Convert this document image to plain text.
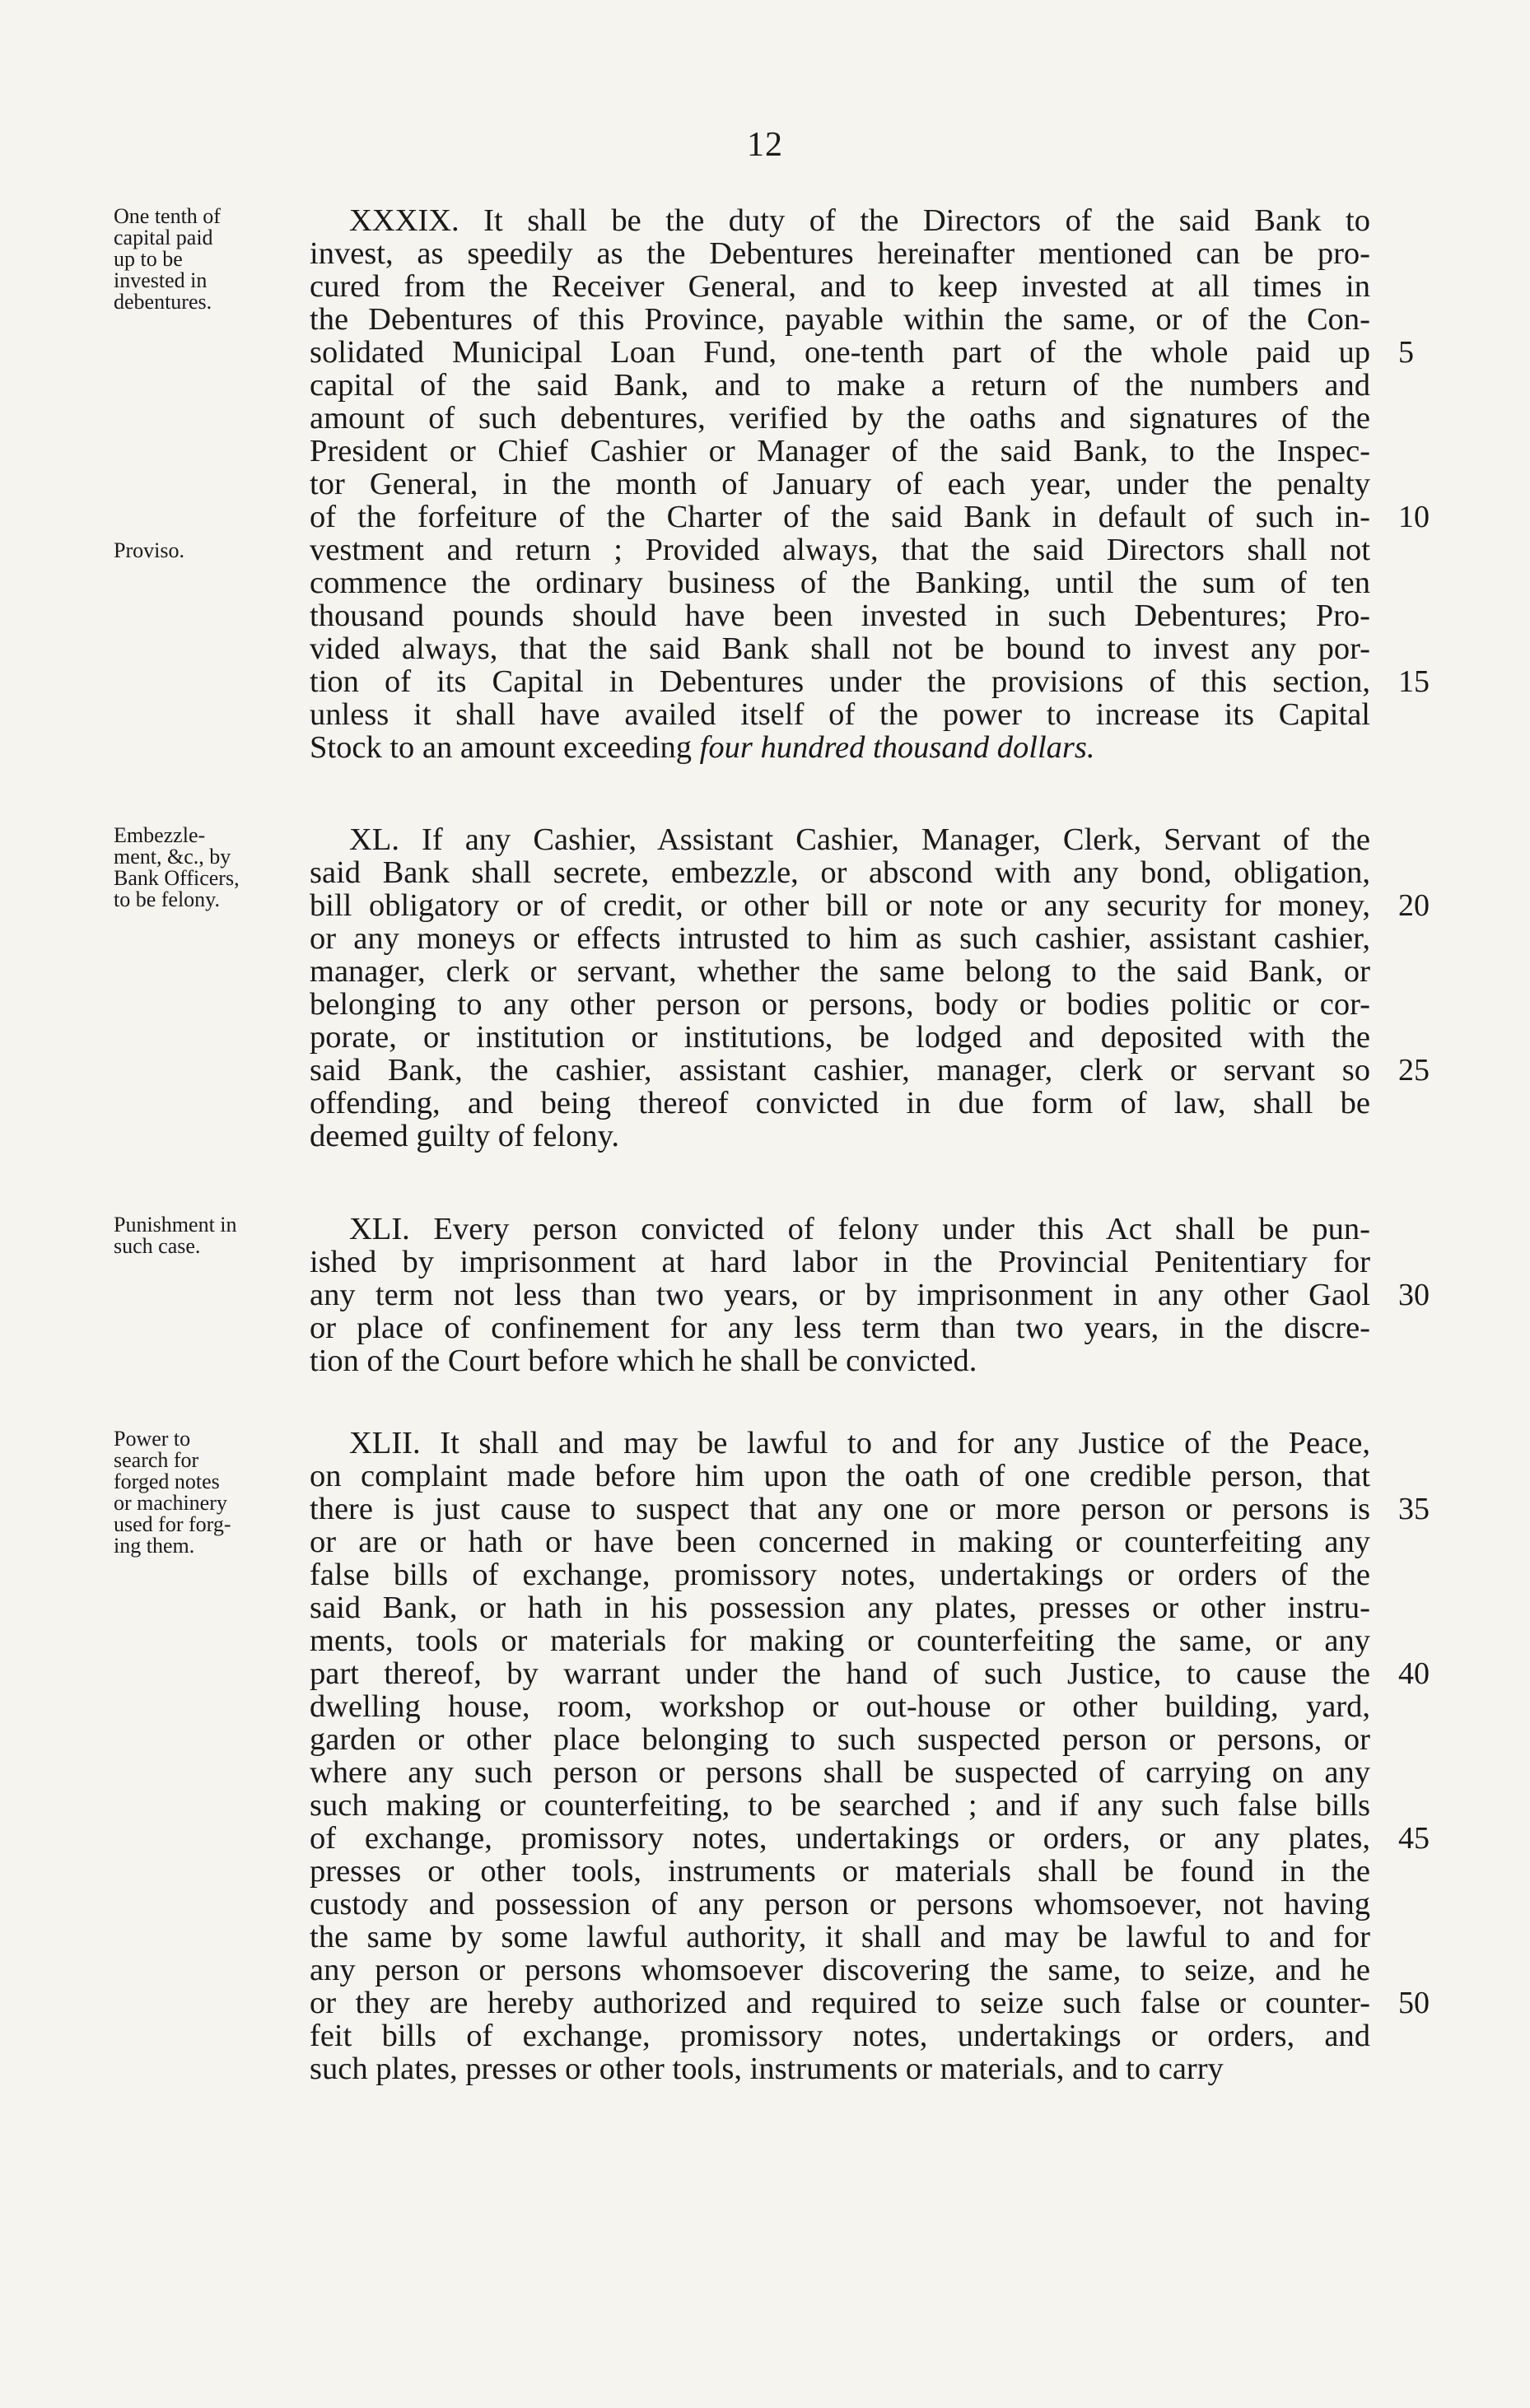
12
One tenth of
capital paid
up to be
invested in
debentures.
Proviso.
XXXIX. It shall be the duty of the Directors of the said Bank to
invest, as speedily as the Debentures hereinafter mentioned can be pro-
cured from the Receiver General, and to keep invested at all times in
the Debentures of this Province, payable within the same, or of the Con-
solidated Municipal Loan Fund, one-tenth part of the whole paid up
capital of the said Bank, and to make a return of the numbers and
amount of such debentures, verified by the oaths and signatures of the
President or Chief Cashier or Manager of the said Bank, to the Inspec-
tor General, in the month of January of each year, under the penalty
of the forfeiture of the Charter of the said Bank in default of such in-
vestment and return ; Provided always, that the said Directors shall not
commence the ordinary business of the Banking, until the sum of ten
thousand pounds should have been invested in such Debentures; Pro-
vided always, that the said Bank shall not be bound to invest any por-
tion of its Capital in Debentures under the provisions of this section,
unless it shall have availed itself of the power to increase its Capital
Stock to an amount exceeding four hundred thousand dollars.
5
10
15
Embezzle-
ment, &c., by
Bank Officers,
to be felony.
XL. If any Cashier, Assistant Cashier, Manager, Clerk, Servant of the
said Bank shall secrete, embezzle, or abscond with any bond, obligation,
bill obligatory or of credit, or other bill or note or any security for money,
or any moneys or effects intrusted to him as such cashier, assistant cashier,
manager, clerk or servant, whether the same belong to the said Bank, or
belonging to any other person or persons, body or bodies politic or cor-
porate, or institution or institutions, be lodged and deposited with the
said Bank, the cashier, assistant cashier, manager, clerk or servant so
offending, and being thereof convicted in due form of law, shall be
deemed guilty of felony.
20
25
Punishment in
such case.	XLI. Every person convicted of felony under this Act shall be pun-
ished by imprisonment at hard labor in the Provincial Penitentiary for
any term not less than two years, or by imprisonment in any other Gaol
or place of confinement for any less term than two years, in the discre-
tion of the Court before which he shall be convicted.
30
Power to
search for
forged notes
or machinery
used for forg-
ing them.
XLII. It shall and may be lawful to and for any Justice of the Peace,
on complaint made before him upon the oath of one credible person, that
there is just cause to suspect that any one or more person or persons is
or are or hath or have been concerned in making or counterfeiting any
false bills of exchange, promissory notes, undertakings or orders of the
said Bank, or hath in his possession any plates, presses or other instru-
ments, tools or materials for making or counterfeiting the same, or any
part thereof, by warrant under the hand of such Justice, to cause the
dwelling house, room, workshop or out-house or other building, yard,
garden or other place belonging to such suspected person or persons, or
where any such person or persons shall be suspected of carrying on any
such making or counterfeiting, to be searched ; and if any such false bills
of exchange, promissory notes, undertakings or orders, or any plates,
presses or other tools, instruments or materials shall be found in the
custody and possession of any person or persons whomsoever, not having
the same by some lawful authority, it shall and may be lawful to and for
any person or persons whomsoever discovering the same, to seize, and he
or they are hereby authorized and required to seize such false or counter-
feit bills of exchange, promissory notes, undertakings or orders, and
such plates, presses or other tools, instruments or materials, and to carry
35
40
45
50
